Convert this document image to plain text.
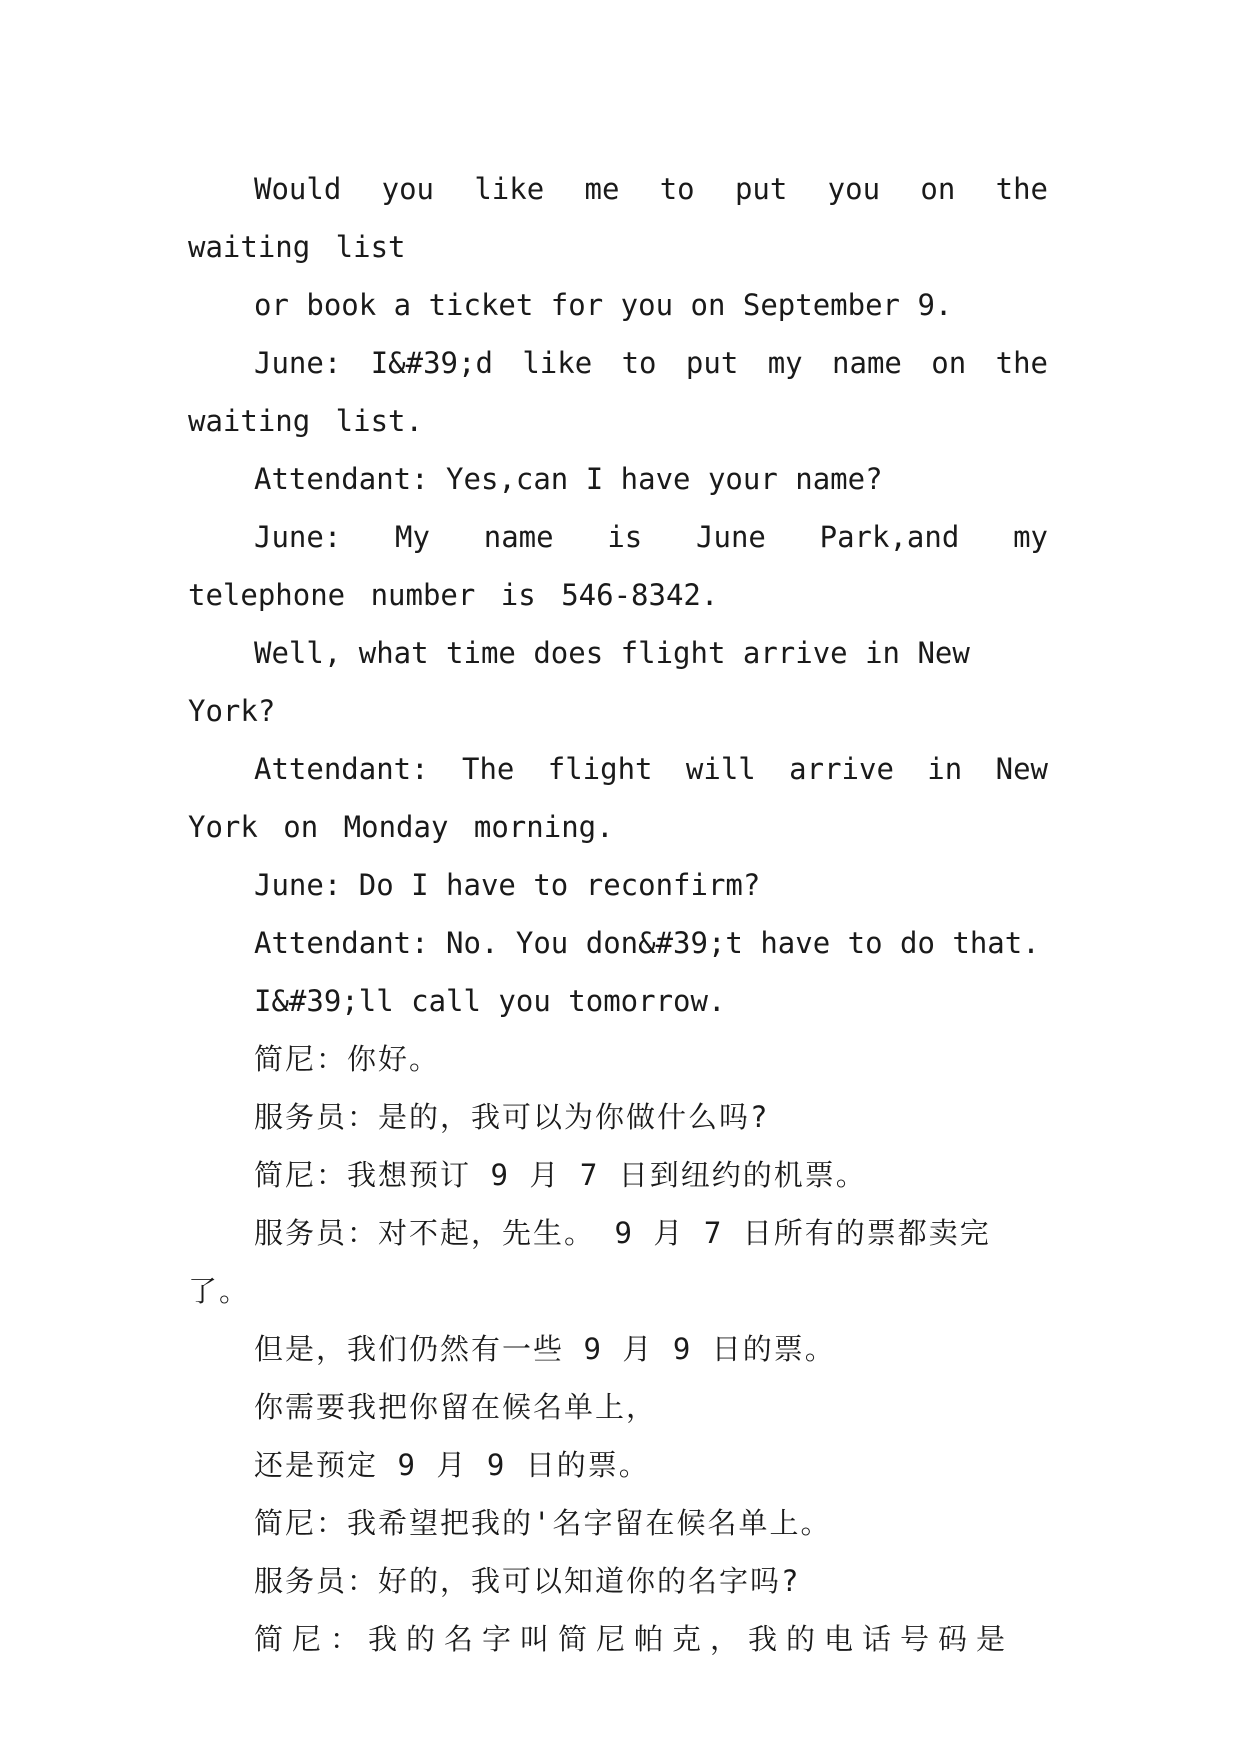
Would you like me to put you on the waiting list

or book a ticket for you on September 9.

June: I&#39;d like to put my name on the waiting list.

Attendant: Yes,can I have your name?

June: My name is June Park,and my telephone number is 546-8342.

Well, what time does flight arrive in New York?

Attendant: The flight will arrive in New York on Monday morning.

June: Do I have to reconfirm?

Attendant: No. You don&#39;t have to do that.

I&#39;ll call you tomorrow.

简尼：你好。

服务员：是的，我可以为你做什么吗?

简尼：我想预订 9 月 7 日到纽约的机票。

服务员：对不起，先生。 9 月 7 日所有的票都卖完了。

但是，我们仍然有一些 9 月 9 日的票。

你需要我把你留在候名单上，

还是预定 9 月 9 日的票。

简尼：我希望把我的'名字留在候名单上。

服务员：好的，我可以知道你的名字吗?

简尼：我的名字叫简尼帕克，我的电话号码是
